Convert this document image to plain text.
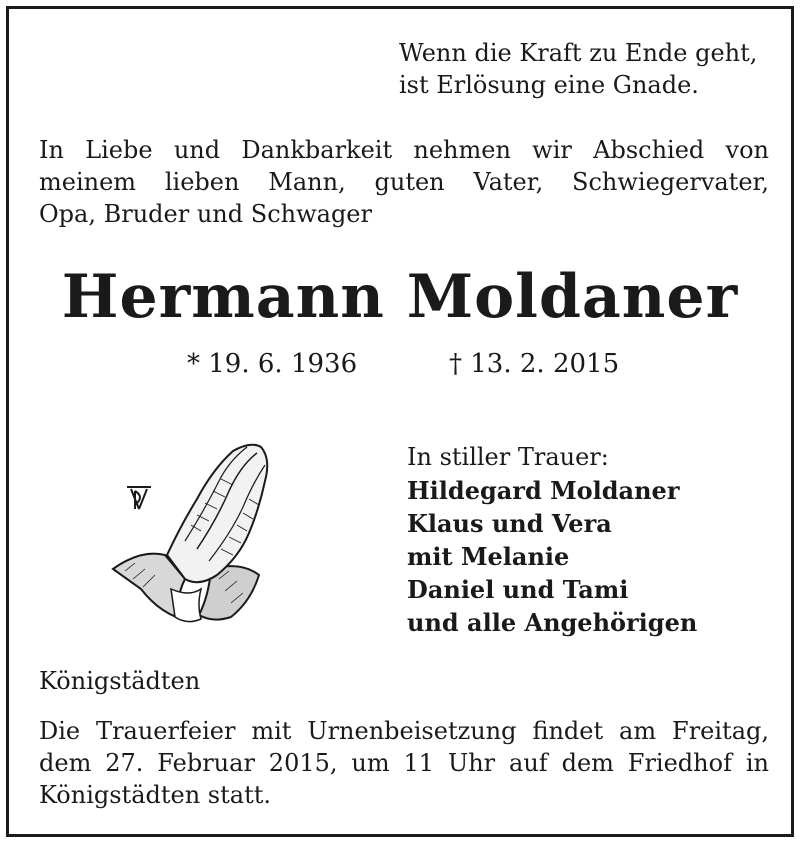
Wenn die Kraft zu Ende geht,
ist Erlösung eine Gnade.
In Liebe und Dankbarkeit nehmen wir Abschied von
meinem lieben Mann, guten Vater, Schwiegervater,
Opa, Bruder und Schwager
Hermann Moldaner
* 19. 6. 1936	† 13. 2. 2015
In stiller Trauer:
Hildegard Moldaner
Klaus und Vera
mit Melanie
Daniel und Tami
und alle Angehörigen
Königstädten
Die Trauerfeier mit Urnenbeisetzung findet am Freitag,
dem 27. Februar 2015, um 11 Uhr auf dem Friedhof in
Königstädten statt.
